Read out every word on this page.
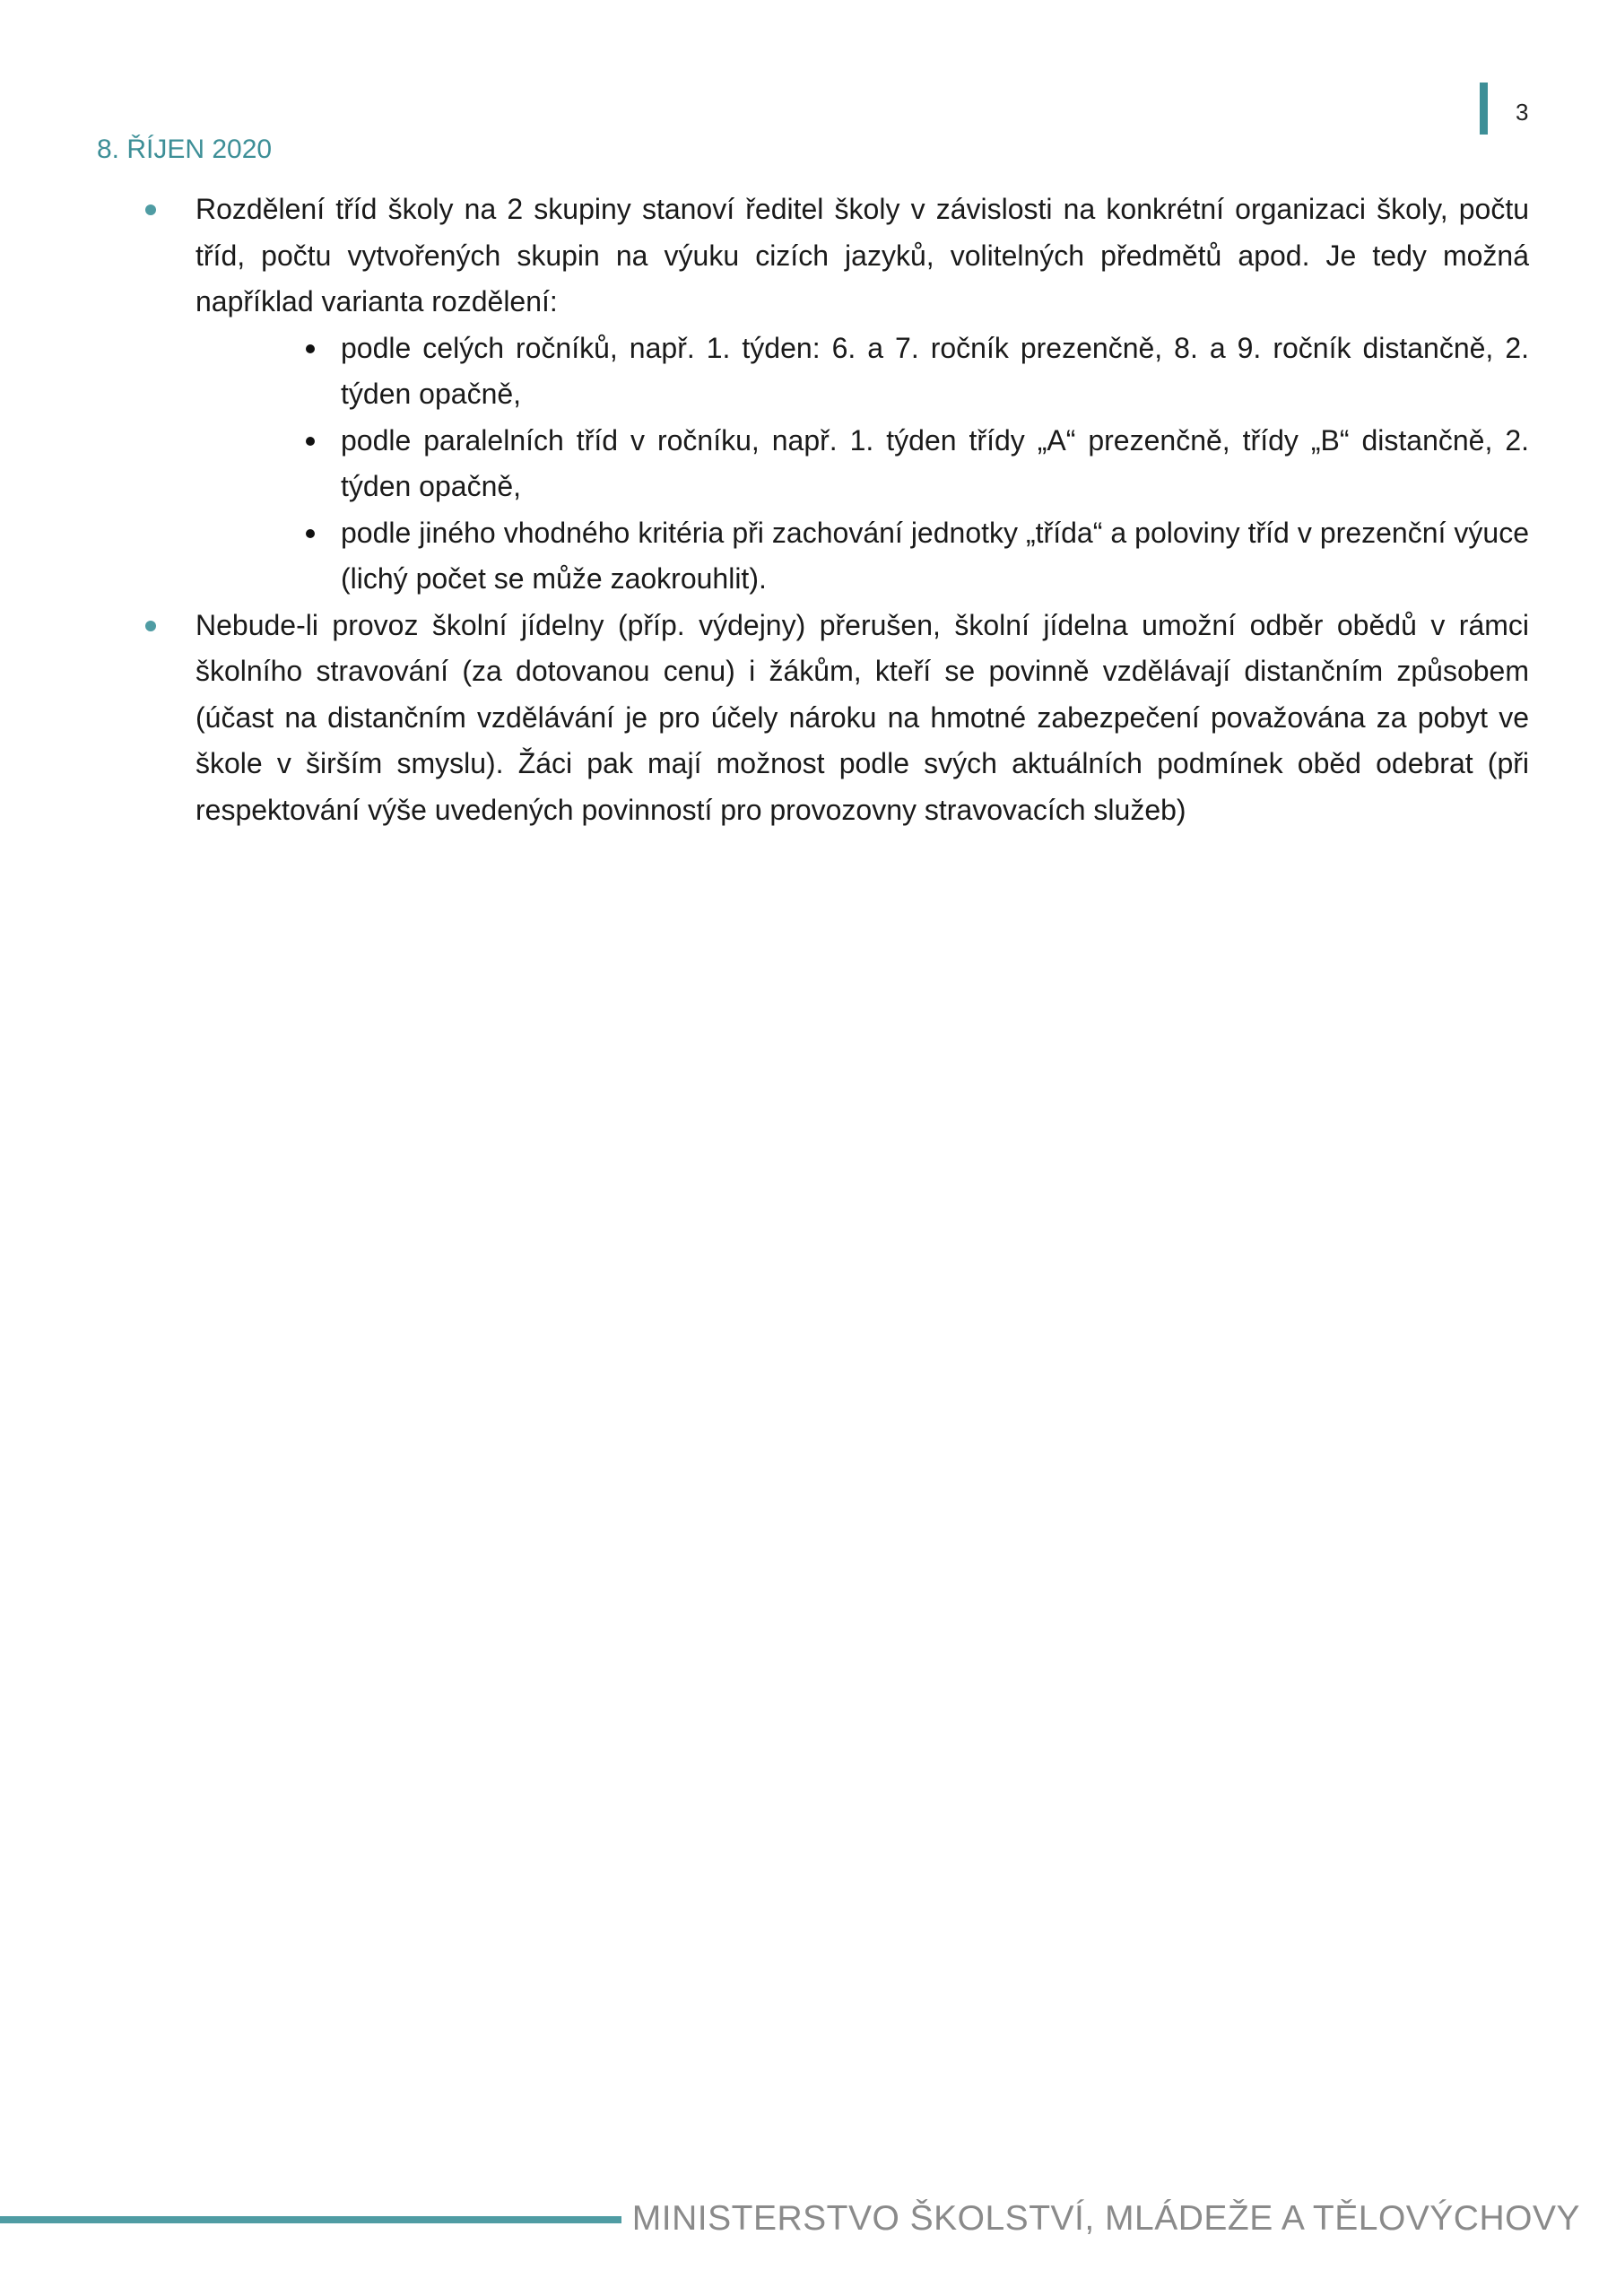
8. ŘÍJEN 2020
3
Rozdělení tříd školy na 2 skupiny stanoví ředitel školy v závislosti na konkrétní organizaci školy, počtu tříd, počtu vytvořených skupin na výuku cizích jazyků, volitelných předmětů apod. Je tedy možná například varianta rozdělení:
podle celých ročníků, např. 1. týden: 6. a 7. ročník prezenčně, 8. a 9. ročník distančně, 2. týden opačně,
podle paralelních tříd v ročníku, např. 1. týden třídy „A“ prezenčně, třídy „B“ distančně, 2. týden opačně,
podle jiného vhodného kritéria při zachování jednotky „třída“ a poloviny tříd v prezenční výuce (lichý počet se může zaokrouhlit).
Nebude-li provoz školní jídelny (příp. výdejny) přerušen, školní jídelna umožní odběr obědů v rámci školního stravování (za dotovanou cenu) i žákům, kteří se povinně vzdělávají distančním způsobem (účast na distančním vzdělávání je pro účely nároku na hmotné zabezpečení považována za pobyt ve škole v širším smyslu). Žáci pak mají možnost podle svých aktuálních podmínek oběd odebrat (při respektování výše uvedených povinností pro provozovny stravovacích služeb)
MINISTERSTVO ŠKOLSTVÍ, MLÁDEŽE A TĚLOVÝCHOVY
